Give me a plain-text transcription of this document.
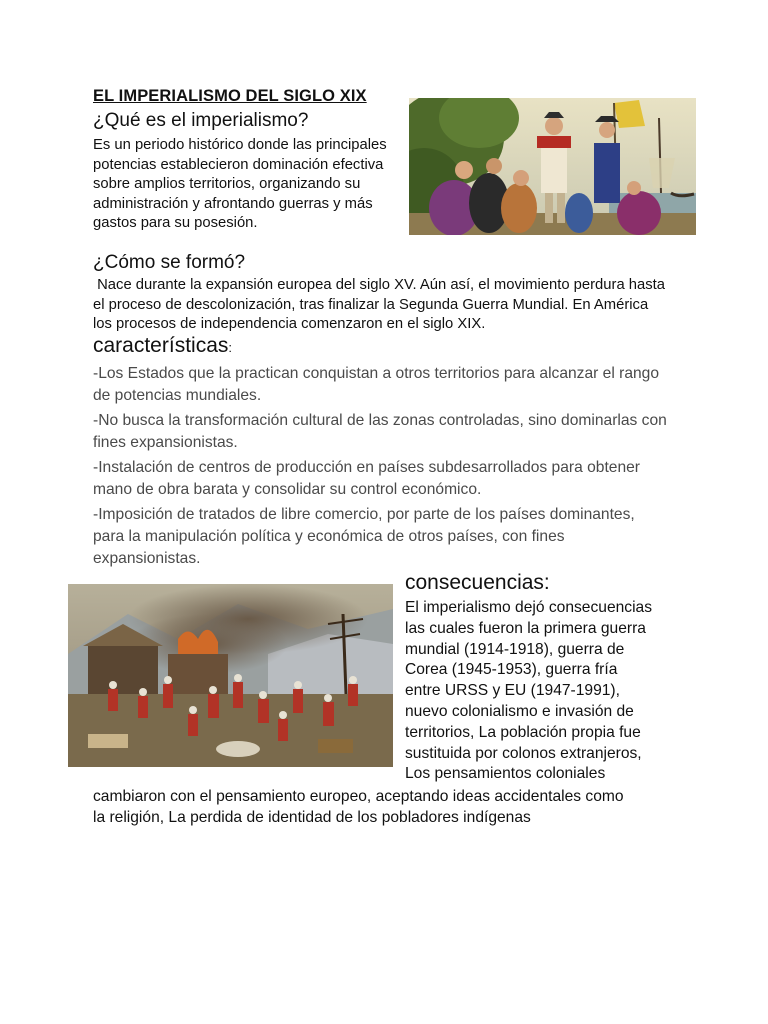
EL IMPERIALISMO DEL SIGLO XIX
¿Qué es el imperialismo?
Es un periodo histórico donde las principales potencias establecieron dominación efectiva sobre amplios territorios, organizando su administración y afrontando guerras y más gastos para su posesión.
¿Cómo se formó?
Nace durante la expansión europea del siglo XV. Aún así, el movimiento perdura hasta el proceso de descolonización, tras finalizar la Segunda Guerra Mundial. En América los procesos de independencia comenzaron en el siglo XIX.
características:
-Los Estados que la practican conquistan a otros territorios para alcanzar el rango de potencias mundiales.
-No busca la transformación cultural de las zonas controladas, sino dominarlas con fines expansionistas.
-Instalación de centros de producción en países subdesarrollados para obtener mano de obra barata y consolidar su control económico.
-Imposición de tratados de libre comercio, por parte de los países dominantes, para la manipulación política y económica de otros países, con fines expansionistas.
consecuencias:
El imperialismo dejó consecuencias
las cuales fueron la primera guerra
mundial (1914-1918), guerra de
Corea (1945-1953), guerra fría
entre URSS y EU (1947-1991),
nuevo colonialismo e invasión de
territorios, La población propia fue
sustituida por colonos extranjeros,
Los pensamientos coloniales
cambiaron con el pensamiento europeo, aceptando ideas accidentales como
la religión, La perdida de identidad de los pobladores indígenas
